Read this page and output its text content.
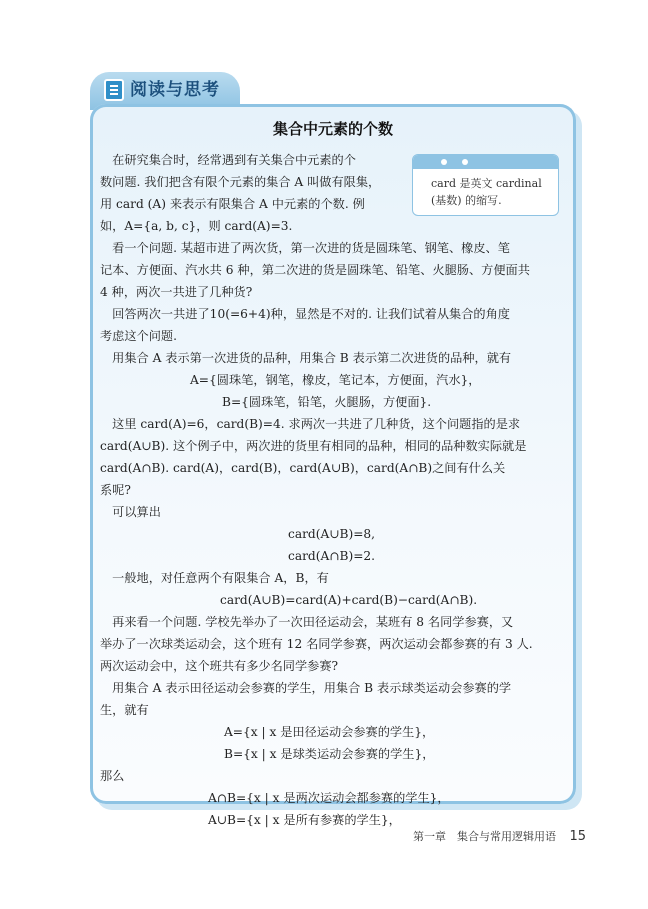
阅读与思考
集合中元素的个数
card 是英文 cardinal
(基数) 的缩写.
　在研究集合时，经常遇到有关集合中元素的个
数问题. 我们把含有限个元素的集合 A 叫做有限集，
用 card (A) 来表示有限集合 A 中元素的个数. 例
如，A={a, b, c}，则 card(A)=3.
　看一个问题. 某超市进了两次货，第一次进的货是圆珠笔、钢笔、橡皮、笔
记本、方便面、汽水共 6 种，第二次进的货是圆珠笔、铅笔、火腿肠、方便面共
4 种，两次一共进了几种货?
　回答两次一共进了10(=6+4)种，显然是不对的. 让我们试着从集合的角度
考虑这个问题.
　用集合 A 表示第一次进货的品种，用集合 B 表示第二次进货的品种，就有
A={圆珠笔，钢笔，橡皮，笔记本，方便面，汽水}，
B={圆珠笔，铅笔，火腿肠，方便面}.
　这里 card(A)=6，card(B)=4. 求两次一共进了几种货，这个问题指的是求
card(A∪B). 这个例子中，两次进的货里有相同的品种，相同的品种数实际就是
card(A∩B). card(A)，card(B)，card(A∪B)，card(A∩B)之间有什么关
系呢?
　可以算出
card(A∪B)=8,
card(A∩B)=2.
　一般地，对任意两个有限集合 A，B，有
card(A∪B)=card(A)+card(B)−card(A∩B).
　再来看一个问题. 学校先举办了一次田径运动会，某班有 8 名同学参赛，又
举办了一次球类运动会，这个班有 12 名同学参赛，两次运动会都参赛的有 3 人.
两次运动会中，这个班共有多少名同学参赛?
　用集合 A 表示田径运动会参赛的学生，用集合 B 表示球类运动会参赛的学
生，就有
A={x | x 是田径运动会参赛的学生}，
B={x | x 是球类运动会参赛的学生}，
那么
A∩B={x | x 是两次运动会都参赛的学生}，
A∪B={x | x 是所有参赛的学生}，
第一章　集合与常用逻辑用语 15
